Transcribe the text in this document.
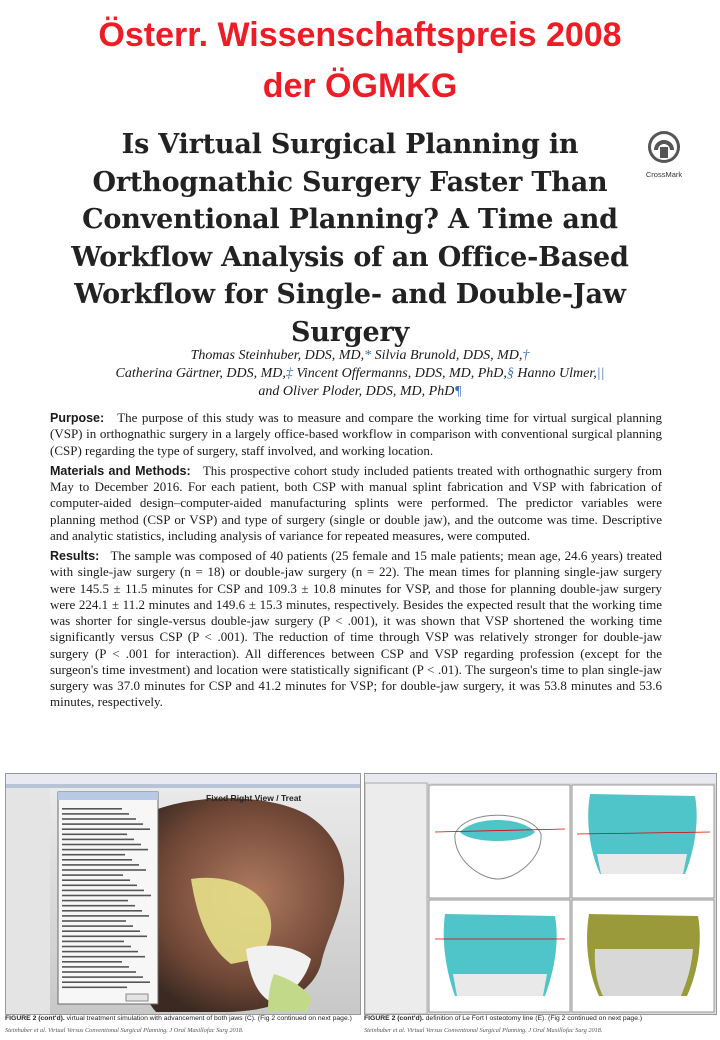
Österr. Wissenschaftspreis 2008
der ÖGMKG
CrossMark
Is Virtual Surgical Planning in
Orthognathic Surgery Faster Than
Conventional Planning? A Time and
Workflow Analysis of an Office-Based
Workflow for Single- and Double-Jaw
Surgery
Thomas Steinhuber, DDS, MD,* Silvia Brunold, DDS, MD,†
Catherina Gärtner, DDS, MD,‡ Vincent Offermanns, DDS, MD, PhD,§ Hanno Ulmer,||
and Oliver Ploder, DDS, MD, PhD¶

Purpose: The purpose of this study was to measure and compare the working time for virtual surgical planning (VSP) in orthognathic surgery in a largely office-based workflow in comparison with conventional surgical planning (CSP) regarding the type of surgery, staff involved, and working location.

Materials and Methods: This prospective cohort study included patients treated with orthognathic surgery from May to December 2016. For each patient, both CSP with manual splint fabrication and VSP with fabrication of computer-aided design–computer-aided manufacturing splints were performed. The predictor variables were planning method (CSP or VSP) and type of surgery (single or double jaw), and the outcome was time. Descriptive and analytic statistics, including analysis of variance for repeated measures, were computed.

Results: The sample was composed of 40 patients (25 female and 15 male patients; mean age, 24.6 years) treated with single-jaw surgery (n = 18) or double-jaw surgery (n = 22). The mean times for planning single-jaw surgery were 145.5 ± 11.5 minutes for CSP and 109.3 ± 10.8 minutes for VSP, and those for planning double-jaw surgery were 224.1 ± 11.2 minutes and 149.6 ± 15.3 minutes, respectively. Besides the expected result that the working time was shorter for single-versus double-jaw surgery (P < .001), it was shown that VSP shortened the working time significantly versus CSP (P < .001). The reduction of time through VSP was relatively stronger for double-jaw surgery (P < .001 for interaction). All differences between CSP and VSP regarding profession (except for the surgeon's time investment) and location were statistically significant (P < .01). The surgeon's time to plan single-jaw surgery was 37.0 minutes for CSP and 41.2 minutes for VSP; for double-jaw surgery, it was 53.8 minutes and 53.6 minutes, respectively.

Fixed Right View / Treat
FIGURE 2 (cont'd). virtual treatment simulation with advancement of both jaws (C). (Fig 2 continued on next page.)
Steinhuber et al. Virtual Versus Conventional Surgical Planning. J Oral Maxillofac Surg 2018.
FIGURE 2 (cont'd). definition of Le Fort I osteotomy line (E). (Fig 2 continued on next page.)
Steinhuber et al. Virtual Versus Conventional Surgical Planning. J Oral Maxillofac Surg 2018.
